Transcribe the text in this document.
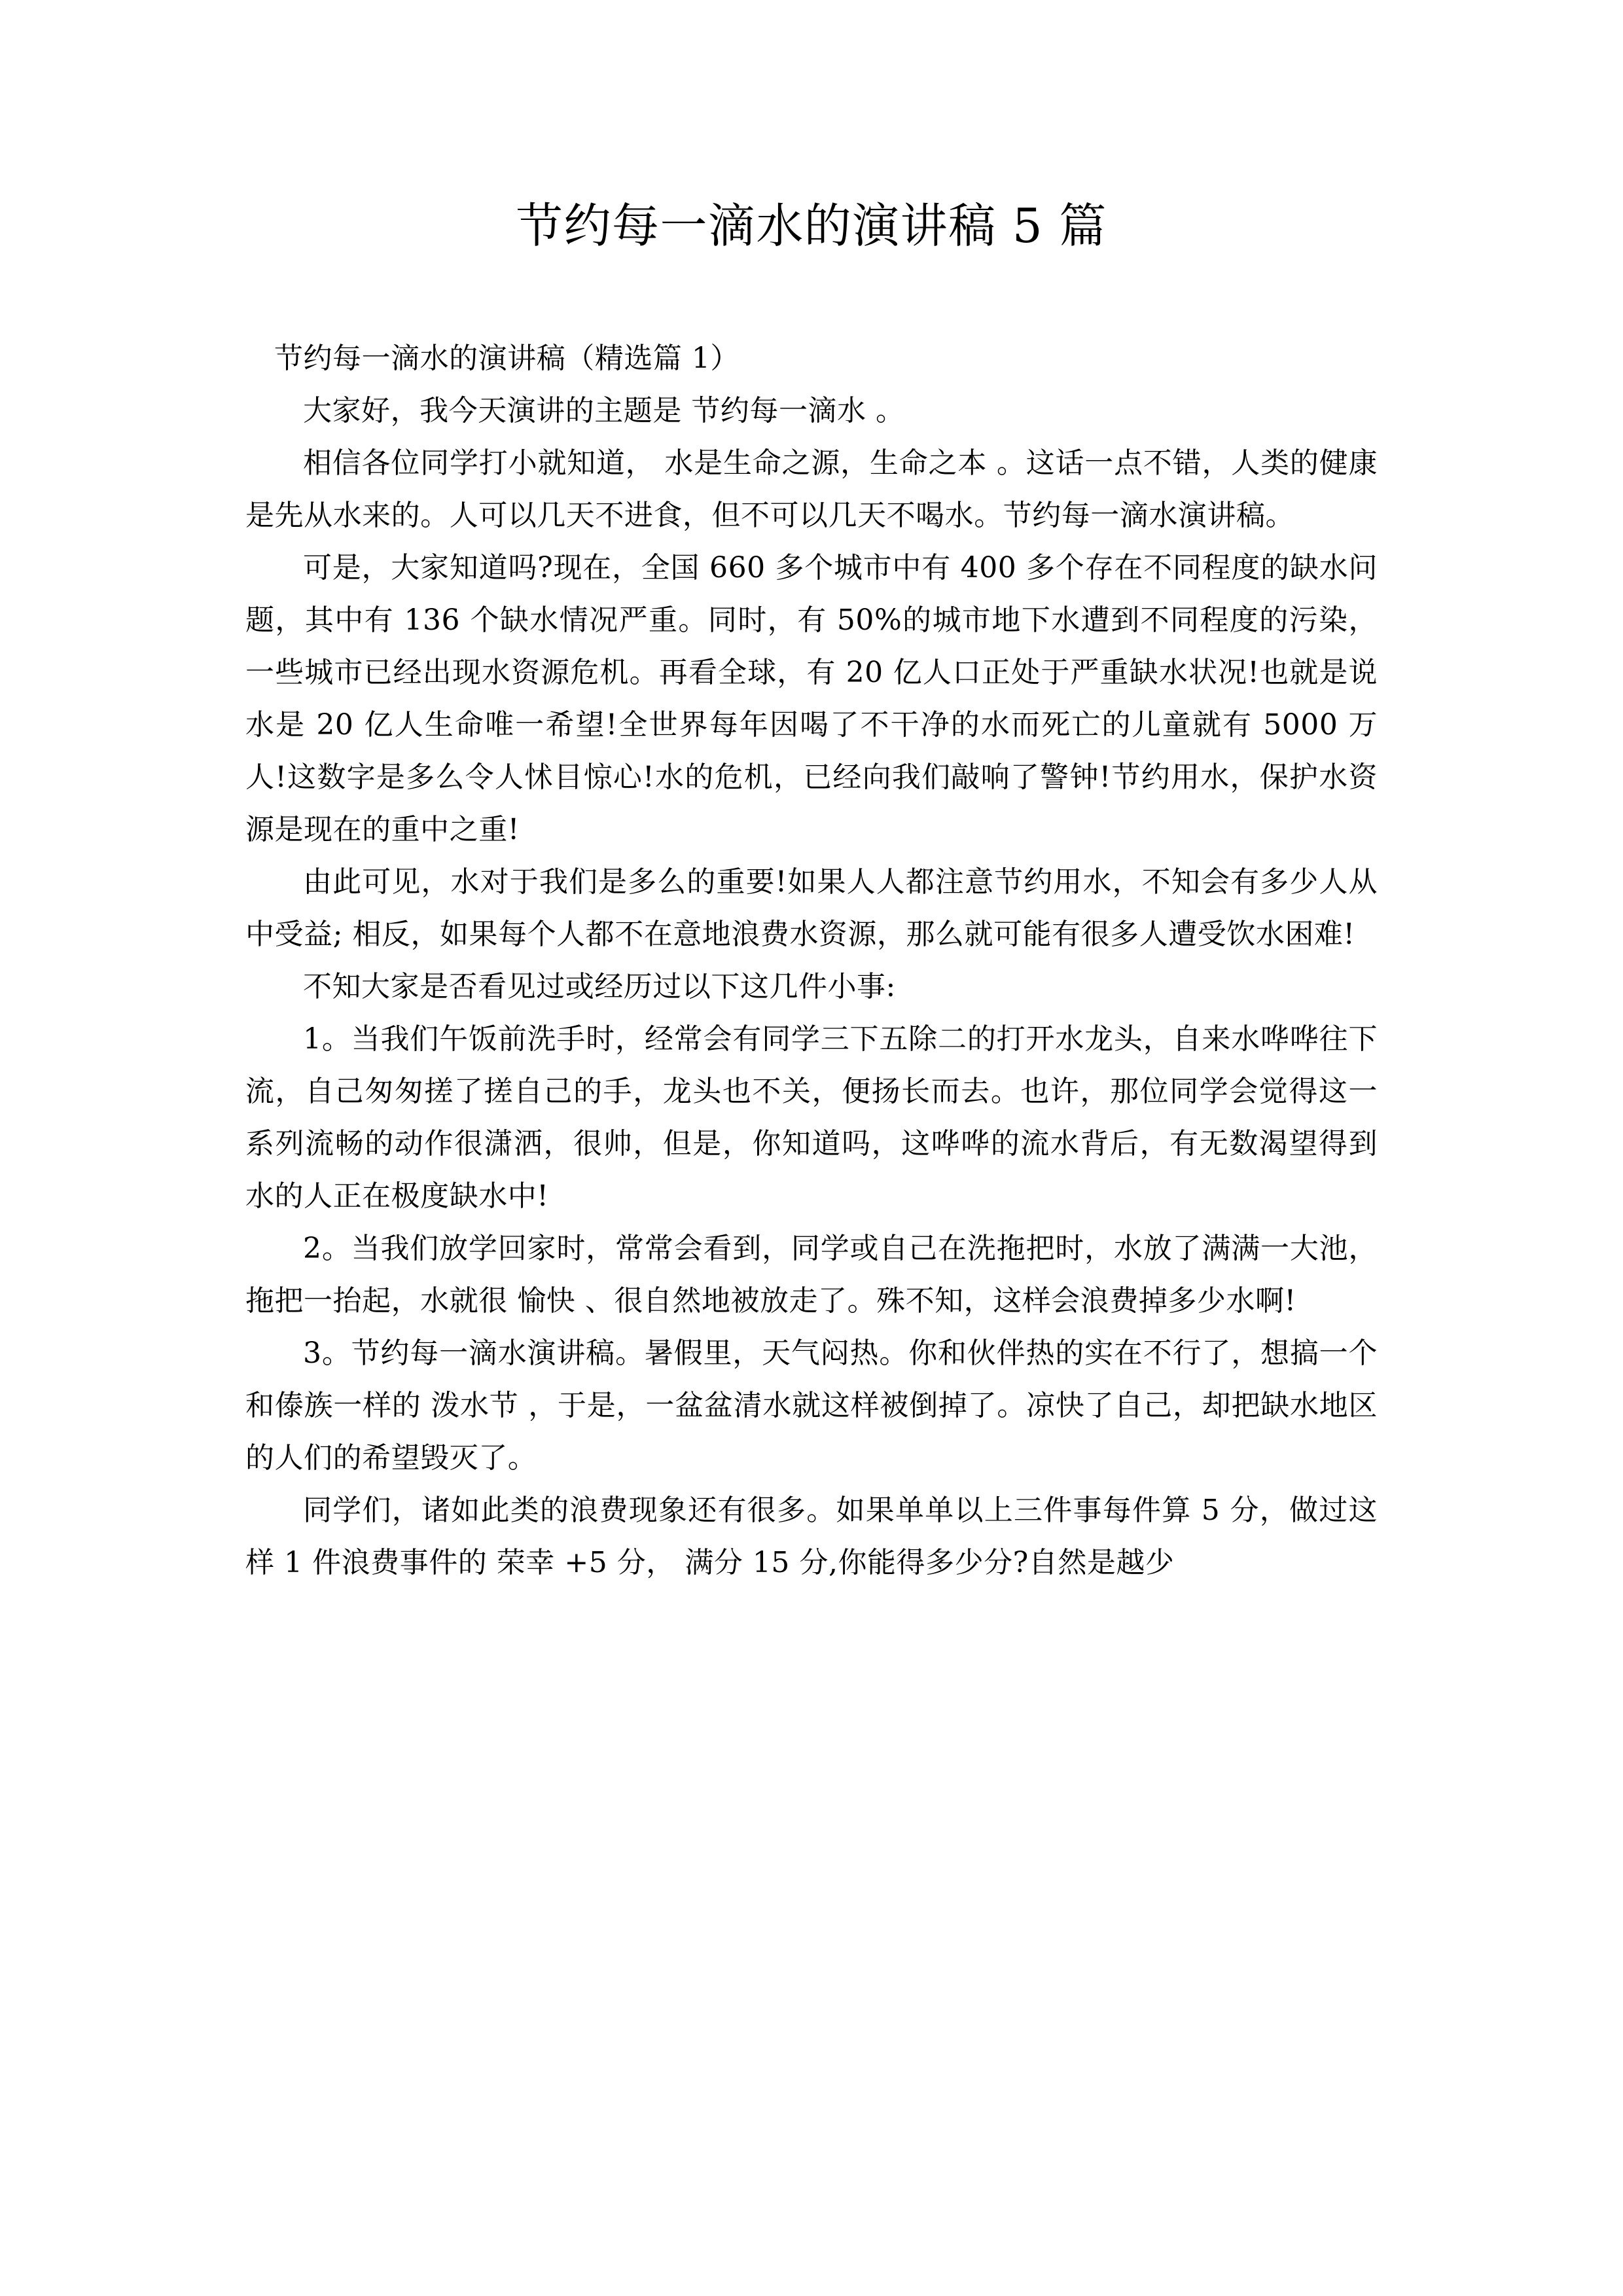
节约每一滴水的演讲稿 5 篇

节约每一滴水的演讲稿（精选篇 1）

大家好，我今天演讲的主题是 节约每一滴水 。

相信各位同学打小就知道， 水是生命之源，生命之本 。这话一点不错，人类的健康是先从水来的。人可以几天不进食，但不可以几天不喝水。节约每一滴水演讲稿。

可是，大家知道吗?现在，全国 660 多个城市中有 400 多个存在不同程度的缺水问题，其中有 136 个缺水情况严重。同时，有 50%的城市地下水遭到不同程度的污染，一些城市已经出现水资源危机。再看全球，有 20 亿人口正处于严重缺水状况!也就是说水是 20 亿人生命唯一希望!全世界每年因喝了不干净的水而死亡的儿童就有 5000 万人!这数字是多么令人怵目惊心!水的危机，已经向我们敲响了警钟!节约用水，保护水资源是现在的重中之重!

由此可见，水对于我们是多么的重要!如果人人都注意节约用水，不知会有多少人从中受益; 相反，如果每个人都不在意地浪费水资源，那么就可能有很多人遭受饮水困难!

不知大家是否看见过或经历过以下这几件小事:

1。当我们午饭前洗手时，经常会有同学三下五除二的打开水龙头，自来水哗哗往下流，自己匆匆搓了搓自己的手，龙头也不关，便扬长而去。也许，那位同学会觉得这一系列流畅的动作很潇洒，很帅，但是，你知道吗，这哗哗的流水背后，有无数渴望得到水的人正在极度缺水中!

2。当我们放学回家时，常常会看到，同学或自己在洗拖把时，水放了满满一大池，拖把一抬起，水就很 愉快 、很自然地被放走了。殊不知，这样会浪费掉多少水啊!

3。节约每一滴水演讲稿。暑假里，天气闷热。你和伙伴热的实在不行了，想搞一个和傣族一样的 泼水节 ，于是，一盆盆清水就这样被倒掉了。凉快了自己，却把缺水地区的人们的希望毁灭了。

同学们，诸如此类的浪费现象还有很多。如果单单以上三件事每件算 5 分，做过这样 1 件浪费事件的 荣幸 +5 分， 满分 15 分,你能得多少分?自然是越少
